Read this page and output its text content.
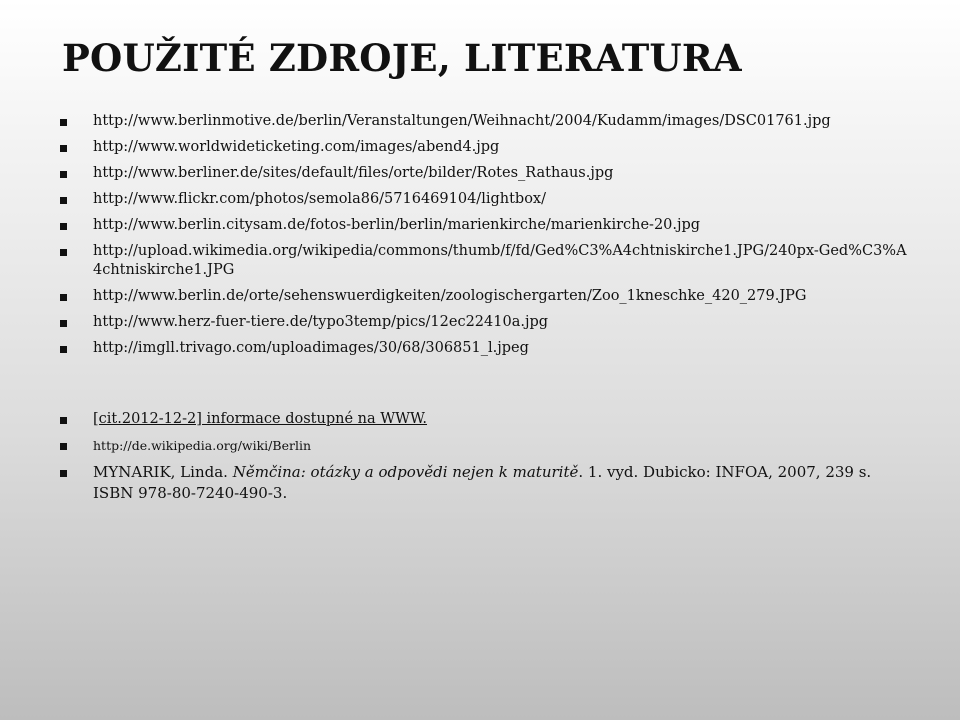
POUŽITÉ ZDROJE, LITERATURA
http://www.berlinmotive.de/berlin/Veranstaltungen/Weihnacht/2004/Kudamm/images/DSC01761.jpg
http://www.worldwideticketing.com/images/abend4.jpg
http://www.berliner.de/sites/default/files/orte/bilder/Rotes_Rathaus.jpg
http://www.flickr.com/photos/semola86/5716469104/lightbox/
http://www.berlin.citysam.de/fotos-berlin/berlin/marienkirche/marienkirche-20.jpg
http://upload.wikimedia.org/wikipedia/commons/thumb/f/fd/Ged%C3%A4chtniskirche1.JPG/240px-Ged%C3%A4chtniskirche1.JPG
http://www.berlin.de/orte/sehenswuerdigkeiten/zoologischergarten/Zoo_1kneschke_420_279.JPG
http://www.herz-fuer-tiere.de/typo3temp/pics/12ec22410a.jpg
http://imgll.trivago.com/uploadimages/30/68/306851_l.jpeg
[cit.2012-12-2] informace dostupné na WWW.
http://de.wikipedia.org/wiki/Berlin
MYNARIK, Linda. Němčina: otázky a odpovědi nejen k maturitě. 1. vyd. Dubicko: INFOA, 2007, 239 s. ISBN 978-80-7240-490-3.
